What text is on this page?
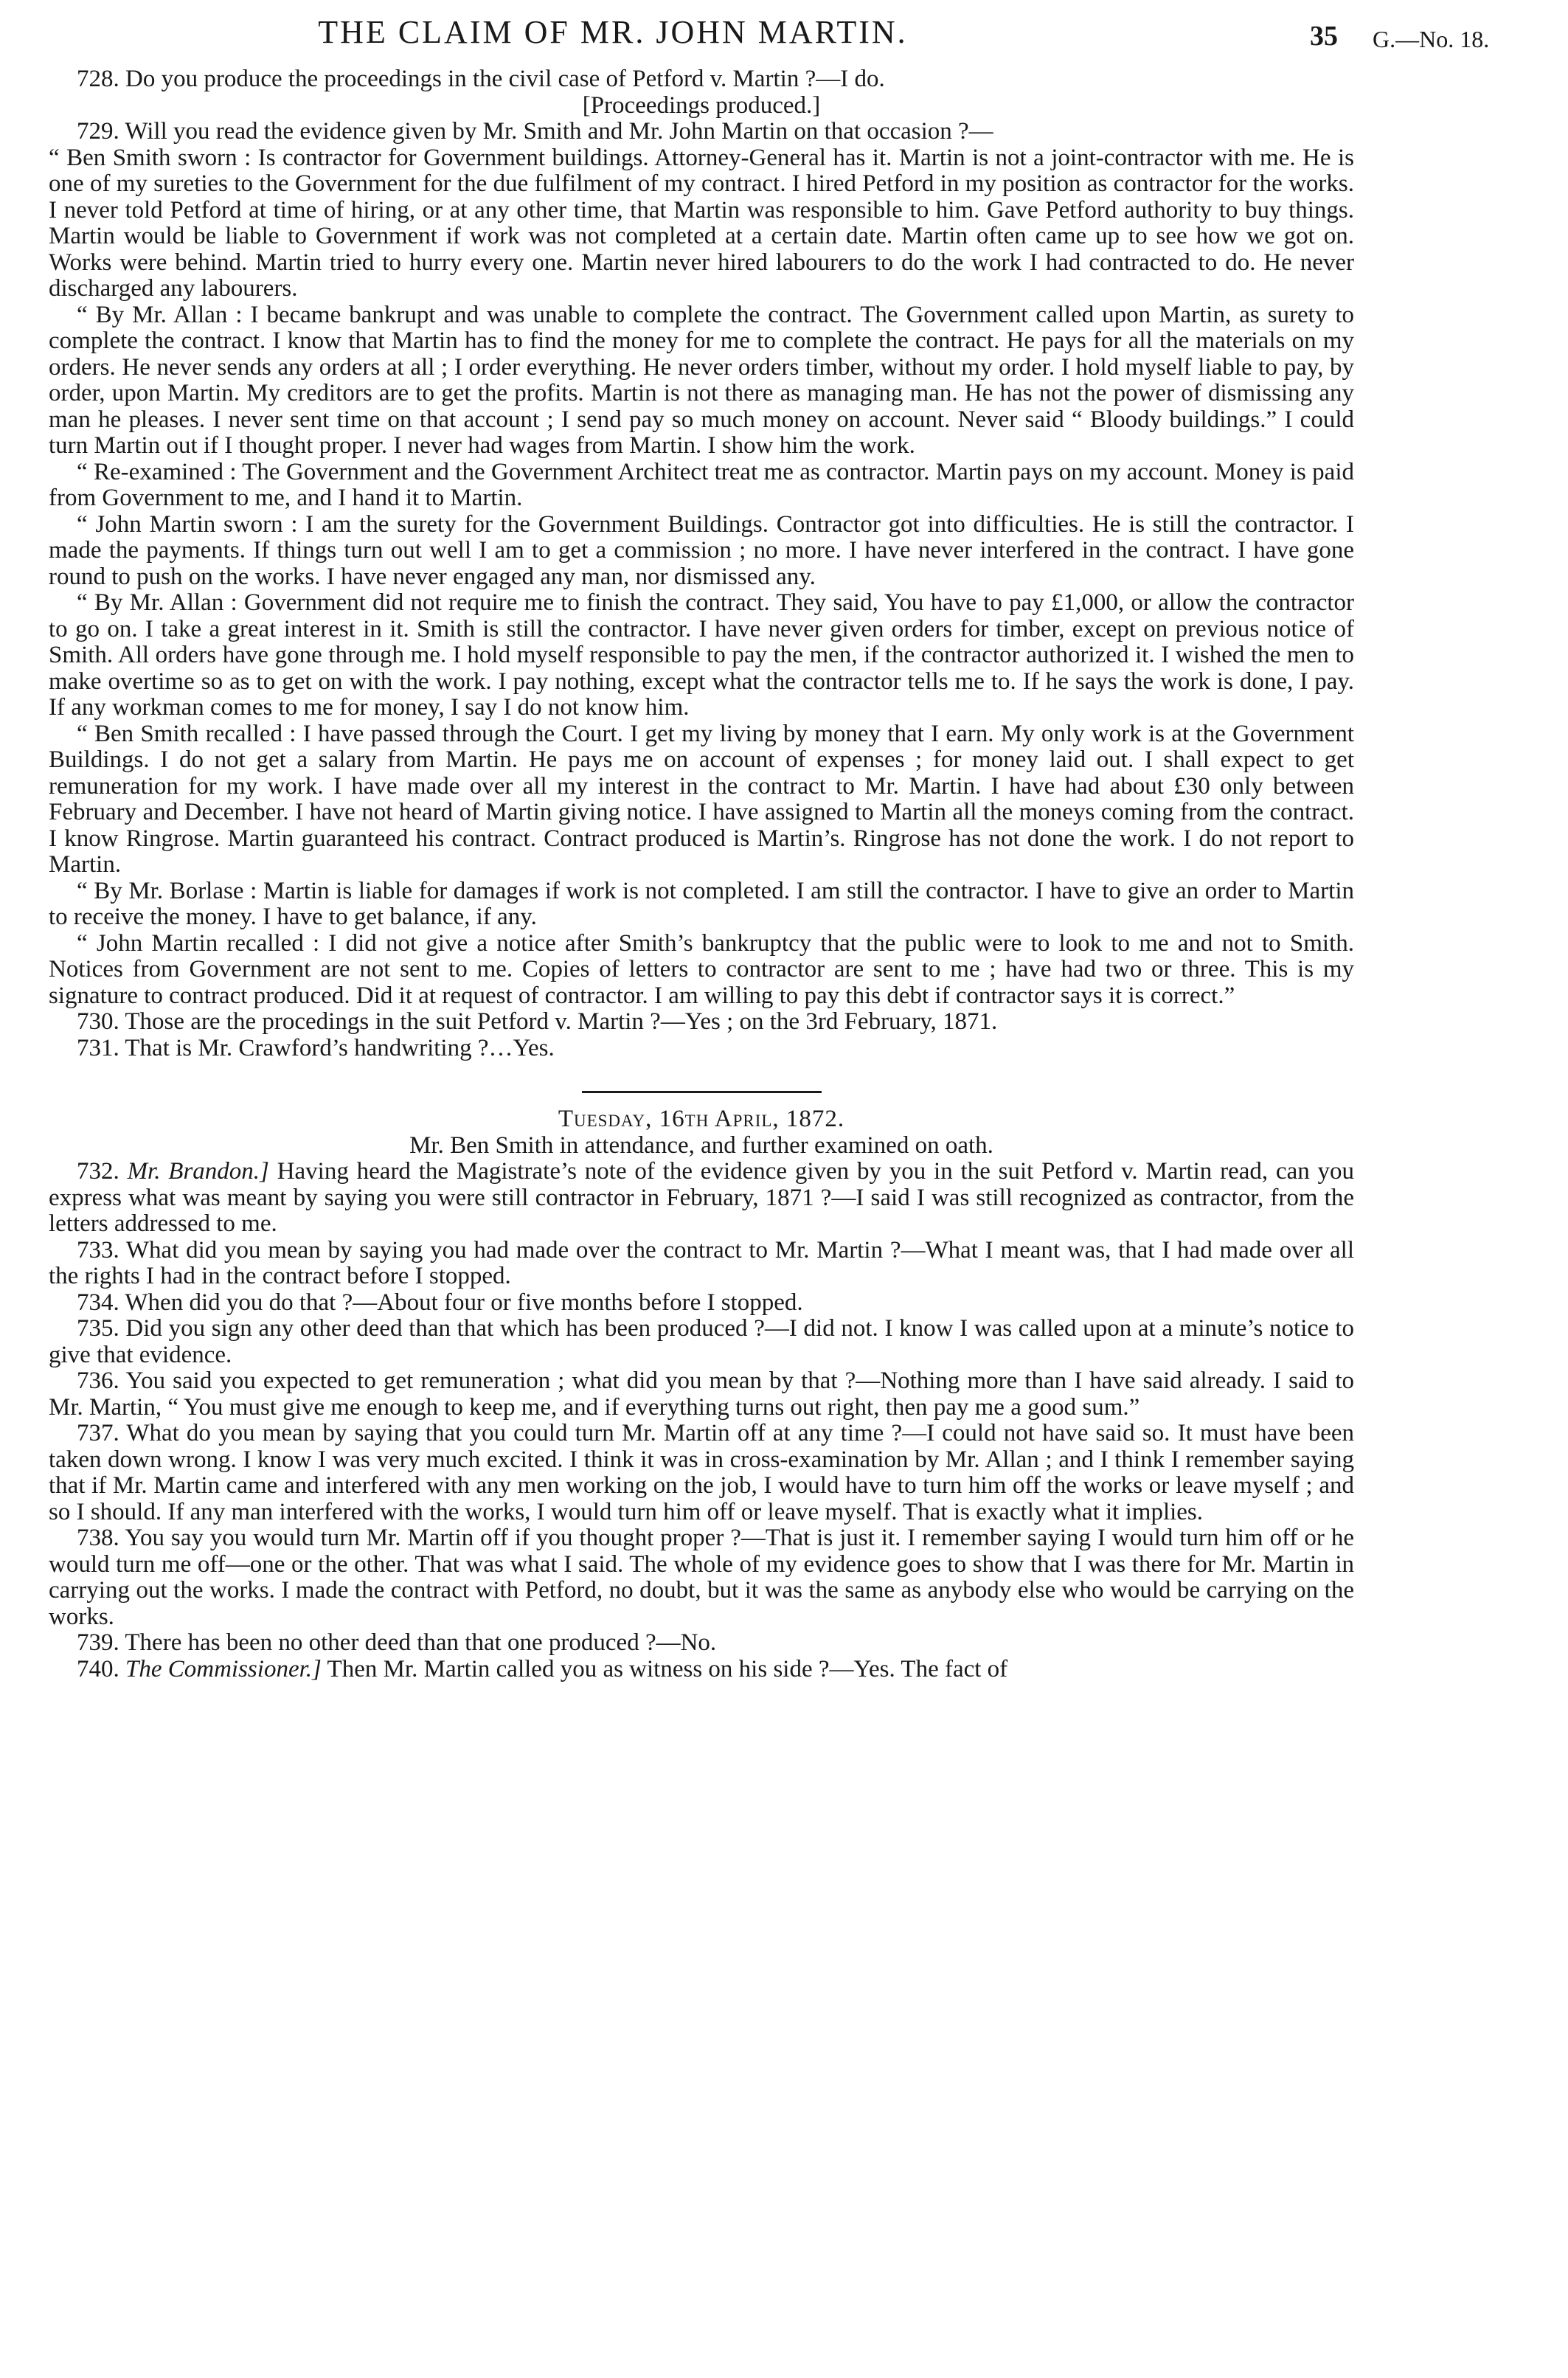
THE CLAIM OF MR. JOHN MARTIN.	35 G.—No. 18.

728. Do you produce the proceedings in the civil case of Petford v. Martin ?—I do.

[Proceedings produced.]

729. Will you read the evidence given by Mr. Smith and Mr. John Martin on that occasion ?—

“ Ben Smith sworn : Is contractor for Government buildings. Attorney-General has it. Martin is not a joint-contractor with me. He is one of my sureties to the Government for the due fulfilment of my contract. I hired Petford in my position as contractor for the works. I never told Petford at time of hiring, or at any other time, that Martin was responsible to him. Gave Petford authority to buy things. Martin would be liable to Government if work was not completed at a certain date. Martin often came up to see how we got on. Works were behind. Martin tried to hurry every one. Martin never hired labourers to do the work I had contracted to do. He never discharged any labourers.

“ By Mr. Allan : I became bankrupt and was unable to complete the contract. The Government called upon Martin, as surety to complete the contract. I know that Martin has to find the money for me to complete the contract. He pays for all the materials on my orders. He never sends any orders at all ; I order everything. He never orders timber, without my order. I hold myself liable to pay, by order, upon Martin. My creditors are to get the profits. Martin is not there as managing man. He has not the power of dismissing any man he pleases. I never sent time on that account ; I send pay so much money on account. Never said “ Bloody buildings.” I could turn Martin out if I thought proper. I never had wages from Martin. I show him the work.

“ Re-examined : The Government and the Government Architect treat me as contractor. Martin pays on my account. Money is paid from Government to me, and I hand it to Martin.

“ John Martin sworn : I am the surety for the Government Buildings. Contractor got into difficulties. He is still the contractor. I made the payments. If things turn out well I am to get a commission ; no more. I have never interfered in the contract. I have gone round to push on the works. I have never engaged any man, nor dismissed any.

“ By Mr. Allan : Government did not require me to finish the contract. They said, You have to pay £1,000, or allow the contractor to go on. I take a great interest in it. Smith is still the contractor. I have never given orders for timber, except on previous notice of Smith. All orders have gone through me. I hold myself responsible to pay the men, if the contractor authorized it. I wished the men to make overtime so as to get on with the work. I pay nothing, except what the contractor tells me to. If he says the work is done, I pay. If any workman comes to me for money, I say I do not know him.

“ Ben Smith recalled : I have passed through the Court. I get my living by money that I earn. My only work is at the Government Buildings. I do not get a salary from Martin. He pays me on account of expenses ; for money laid out. I shall expect to get remuneration for my work. I have made over all my interest in the contract to Mr. Martin. I have had about £30 only between February and December. I have not heard of Martin giving notice. I have assigned to Martin all the moneys coming from the contract. I know Ringrose. Martin guaranteed his contract. Contract produced is Martin’s. Ringrose has not done the work. I do not report to Martin.

“ By Mr. Borlase : Martin is liable for damages if work is not completed. I am still the contractor. I have to give an order to Martin to receive the money. I have to get balance, if any.

“ John Martin recalled : I did not give a notice after Smith’s bankruptcy that the public were to look to me and not to Smith. Notices from Government are not sent to me. Copies of letters to contractor are sent to me ; have had two or three. This is my signature to contract produced. Did it at request of contractor. I am willing to pay this debt if contractor says it is correct.”

730. Those are the procedings in the suit Petford v. Martin ?—Yes ; on the 3rd February, 1871.

731. That is Mr. Crawford’s handwriting ?…Yes.

Tuesday, 16th April, 1872.
Mr. Ben Smith in attendance, and further examined on oath.

732. Mr. Brandon.] Having heard the Magistrate’s note of the evidence given by you in the suit Petford v. Martin read, can you express what was meant by saying you were still contractor in February, 1871 ?—I said I was still recognized as contractor, from the letters addressed to me.

733. What did you mean by saying you had made over the contract to Mr. Martin ?—What I meant was, that I had made over all the rights I had in the contract before I stopped.

734. When did you do that ?—About four or five months before I stopped.

735. Did you sign any other deed than that which has been produced ?—I did not. I know I was called upon at a minute’s notice to give that evidence.

736. You said you expected to get remuneration ; what did you mean by that ?—Nothing more than I have said already. I said to Mr. Martin, “ You must give me enough to keep me, and if everything turns out right, then pay me a good sum.”

737. What do you mean by saying that you could turn Mr. Martin off at any time ?—I could not have said so. It must have been taken down wrong. I know I was very much excited. I think it was in cross-examination by Mr. Allan ; and I think I remember saying that if Mr. Martin came and interfered with any men working on the job, I would have to turn him off the works or leave myself ; and so I should. If any man interfered with the works, I would turn him off or leave myself. That is exactly what it implies.

738. You say you would turn Mr. Martin off if you thought proper ?—That is just it. I remember saying I would turn him off or he would turn me off—one or the other. That was what I said. The whole of my evidence goes to show that I was there for Mr. Martin in carrying out the works. I made the contract with Petford, no doubt, but it was the same as anybody else who would be carrying on the works.

739. There has been no other deed than that one produced ?—No.

740. The Commissioner.] Then Mr. Martin called you as witness on his side ?—Yes. The fact of
